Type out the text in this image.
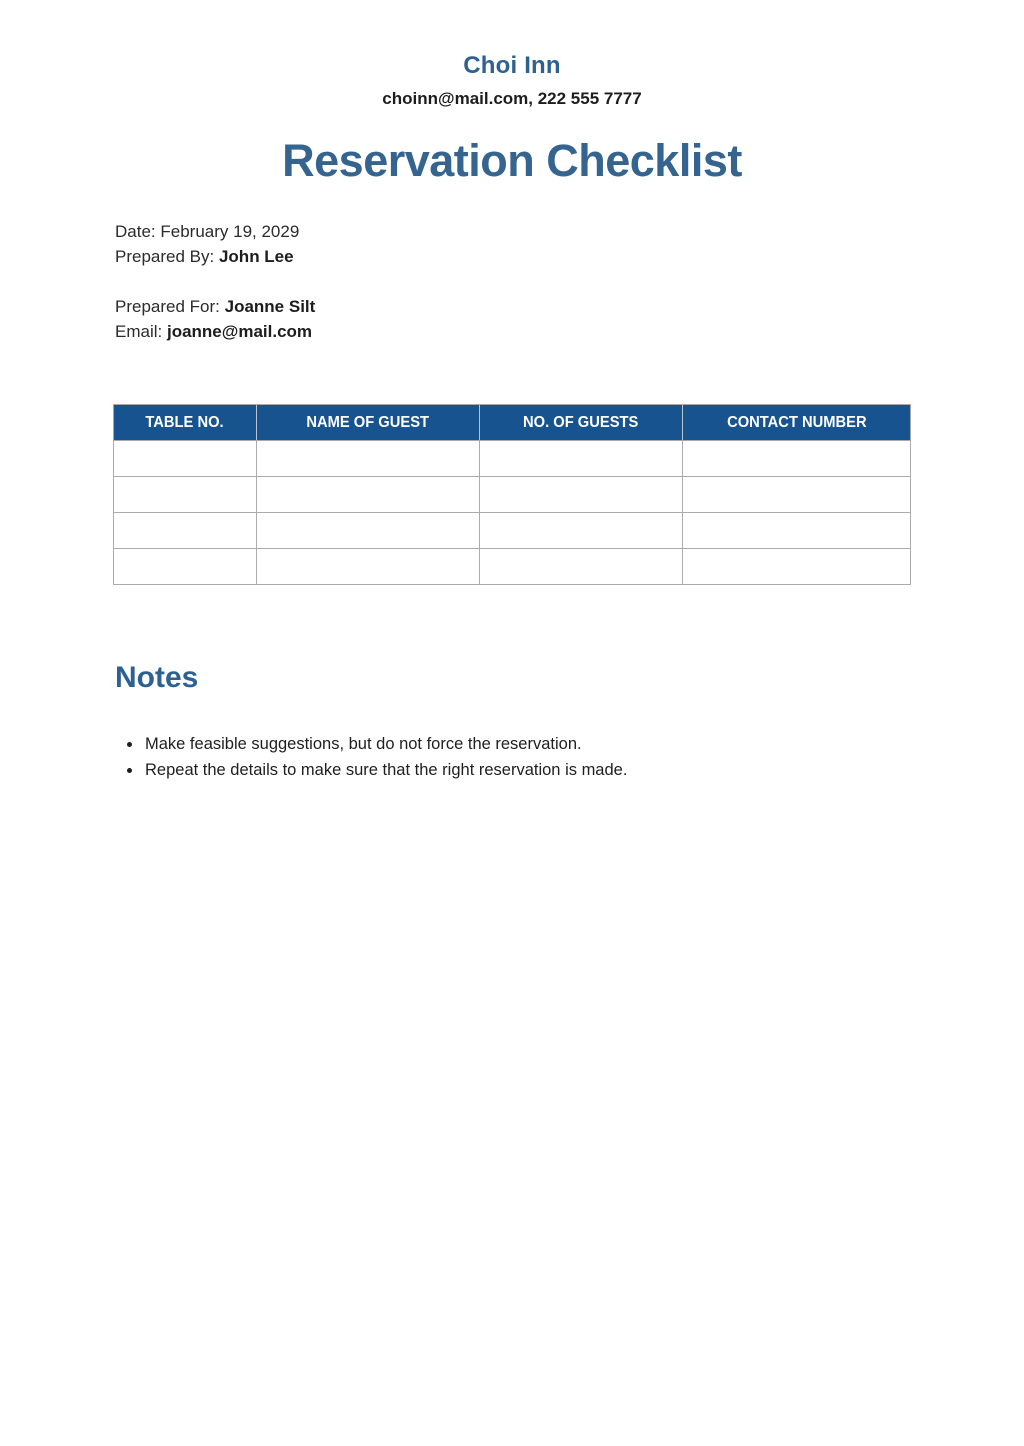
Choi Inn
choinn@mail.com, 222 555 7777
Reservation Checklist
Date: February 19, 2029
Prepared By: John Lee
Prepared For: Joanne Silt
Email: joanne@mail.com
TABLE NO.	NAME OF GUEST	NO. OF GUESTS	CONTACT NUMBER

Notes
Make feasible suggestions, but do not force the reservation.
Repeat the details to make sure that the right reservation is made.
